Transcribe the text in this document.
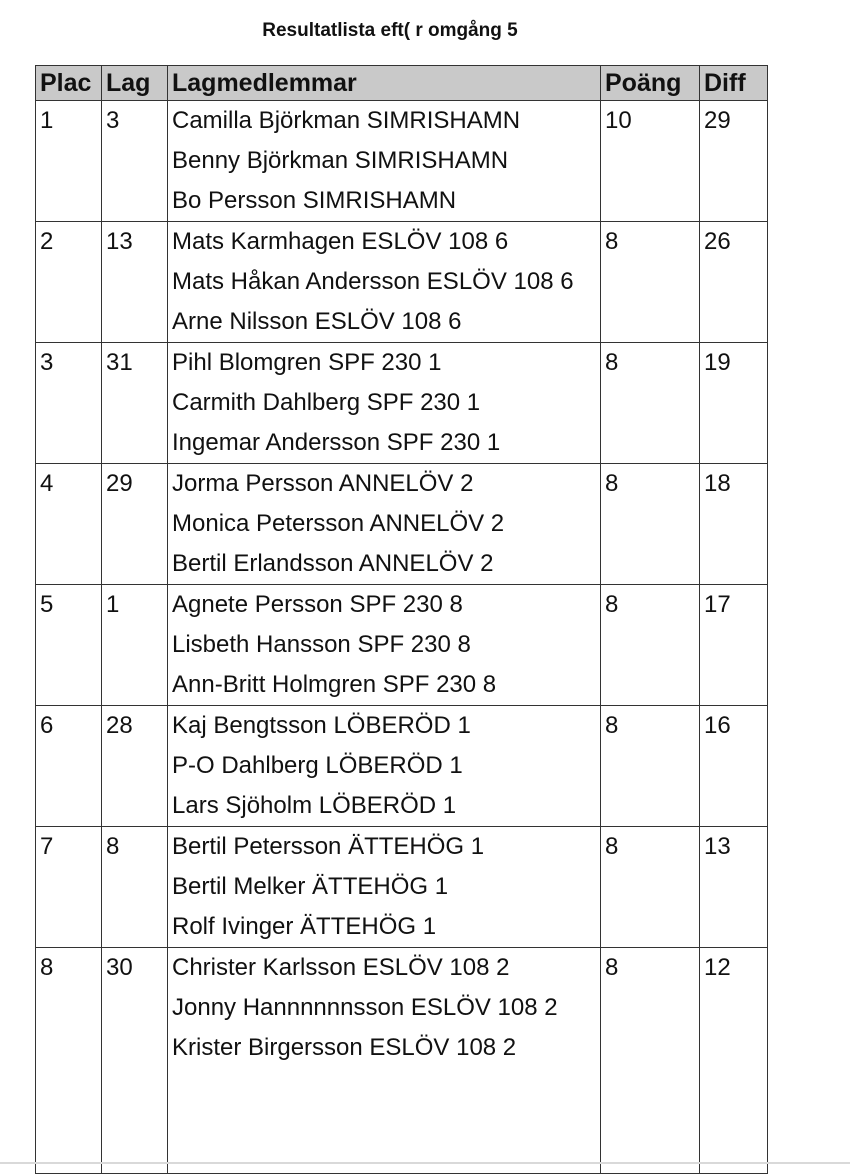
Resultatlista eft( r omgång 5
Plac	Lag	Lagmedlemmar	Poäng	Diff
1	3	Camilla Björkman SIMRISHAMN
Benny Björkman SIMRISHAMN
Bo Persson SIMRISHAMN	10	29
2	13	Mats Karmhagen ESLÖV 108 6
Mats Håkan Andersson ESLÖV 108 6
Arne Nilsson ESLÖV 108 6	8	26
3	31	Pihl Blomgren SPF 230 1
Carmith Dahlberg SPF 230 1
Ingemar Andersson SPF 230 1	8	19
4	29	Jorma Persson ANNELÖV 2
Monica Petersson ANNELÖV 2
Bertil Erlandsson ANNELÖV 2	8	18
5	1	Agnete Persson SPF 230 8
Lisbeth Hansson SPF 230 8
Ann-Britt Holmgren SPF 230 8	8	17
6	28	Kaj Bengtsson LÖBERÖD 1
P-O Dahlberg LÖBERÖD 1
Lars Sjöholm LÖBERÖD 1	8	16
7	8	Bertil Petersson ÄTTEHÖG 1
Bertil Melker ÄTTEHÖG 1
Rolf Ivinger ÄTTEHÖG 1	8	13
8	30	Christer Karlsson ESLÖV 108 2
Jonny Hannnnnnsson ESLÖV 108 2
Krister Birgersson ESLÖV 108 2	8	12
